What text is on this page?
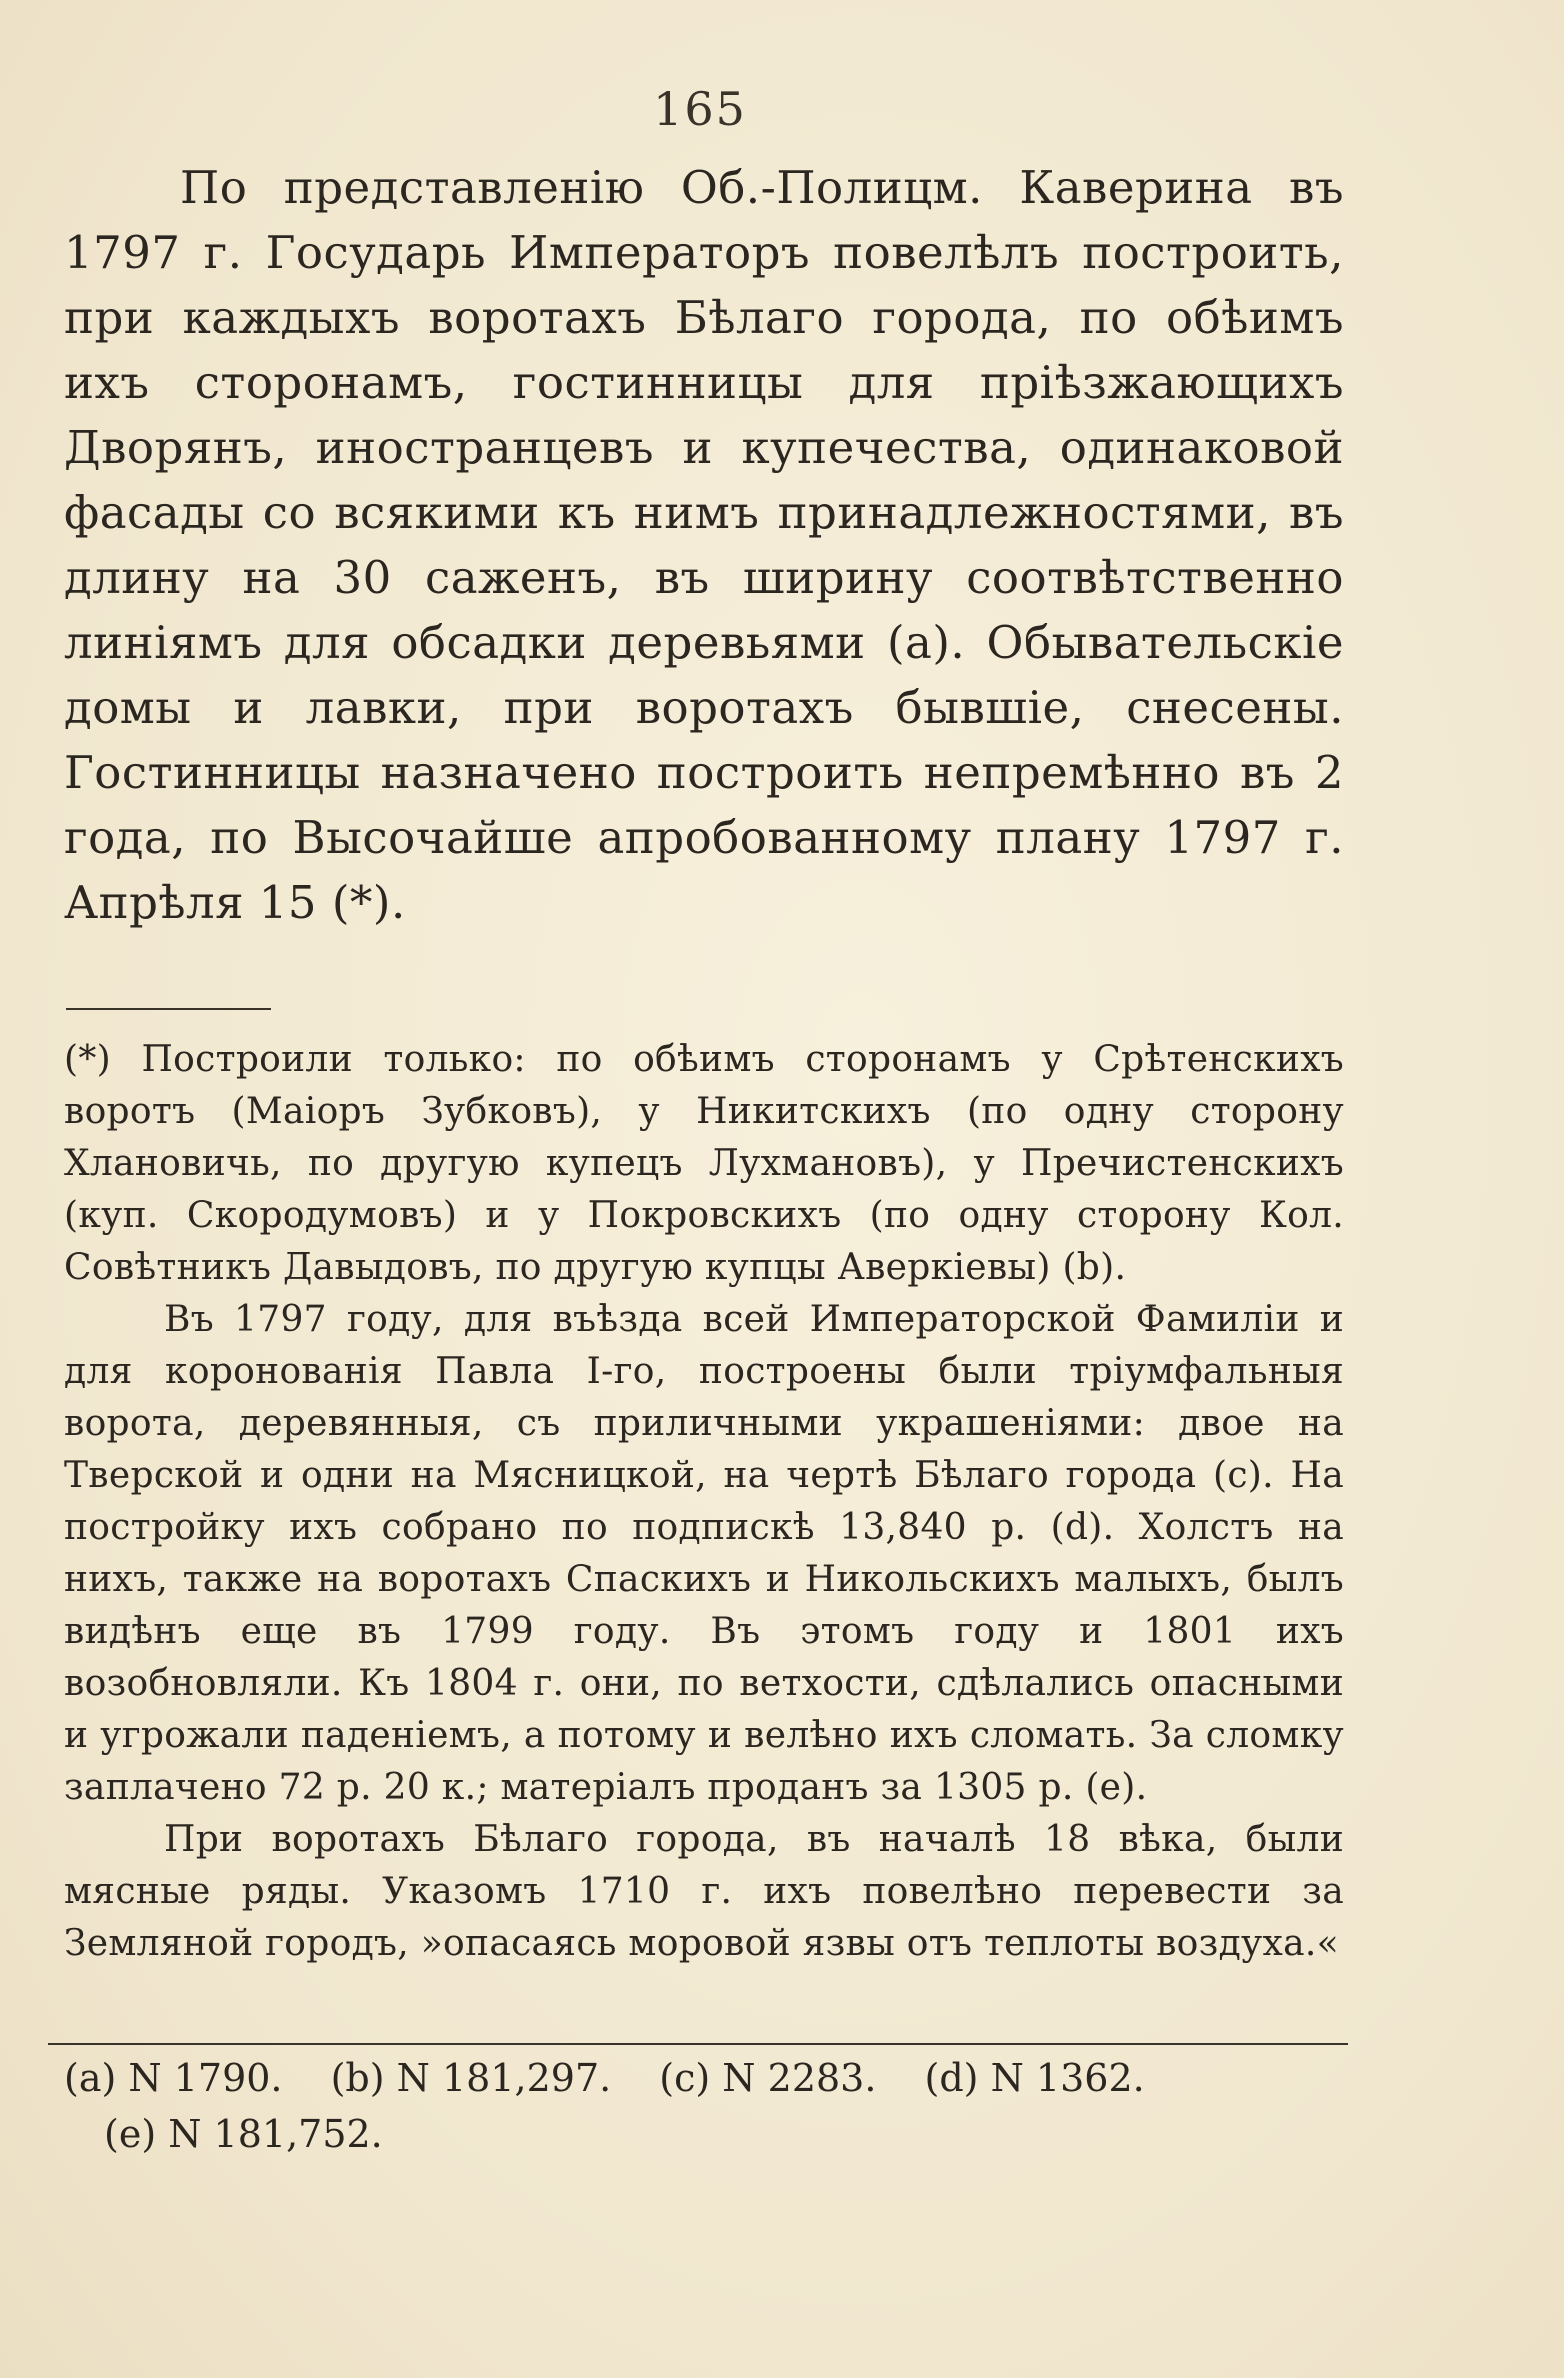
165
По представленію Об.-Полицм. Каверина въ 1797 г. Государь Императоръ повелѣлъ построить, при каждыхъ воротахъ Бѣлаго города, по обѣимъ ихъ сторонамъ, гостинницы для пріѣзжающихъ Дворянъ, иностранцевъ и купечества, одинаковой фасады со всякими къ нимъ принадлежностями, въ длину на 30 саженъ, въ ширину соотвѣтственно линіямъ для обсадки деревьями (a). Обывательскіе домы и лавки, при воротахъ бывшіе, снесены. Гостинницы назначено построить непремѣнно въ 2 года, по Высочайше апробованному плану 1797 г. Апрѣля 15 (*).

(*) Построили только: по обѣимъ сторонамъ у Срѣтенскихъ воротъ (Маіоръ Зубковъ), у Никитскихъ (по одну сторону Хлановичь, по другую купецъ Лухмановъ), у Пречистенскихъ (куп. Скородумовъ) и у Покровскихъ (по одну сторону Кол. Совѣтникъ Давыдовъ, по другую купцы Аверкіевы) (b).

Въ 1797 году, для въѣзда всей Императорской Фамиліи и для коронованія Павла І-го, построены были тріумфальныя ворота, деревянныя, съ приличными украшеніями: двое на Тверской и одни на Мясницкой, на чертѣ Бѣлаго города (c). На постройку ихъ собрано по подпискѣ 13,840 р. (d). Холстъ на нихъ, также на воротахъ Спаскихъ и Никольскихъ малыхъ, былъ видѣнъ еще въ 1799 году. Въ этомъ году и 1801 ихъ возобновляли. Къ 1804 г. они, по ветхости, сдѣлались опасными и угрожали паденіемъ, а потому и велѣно ихъ сломать. За сломку заплачено 72 р. 20 к.; матеріалъ проданъ за 1305 р. (e).

При воротахъ Бѣлаго города, въ началѣ 18 вѣка, были мясные ряды. Указомъ 1710 г. ихъ повелѣно перевести за Земляной городъ, »опасаясь моровой язвы отъ теплоты воздуха.«

(a) N 1790. (b) N 181,297. (c) N 2283. (d) N 1362.
(e) N 181,752.
